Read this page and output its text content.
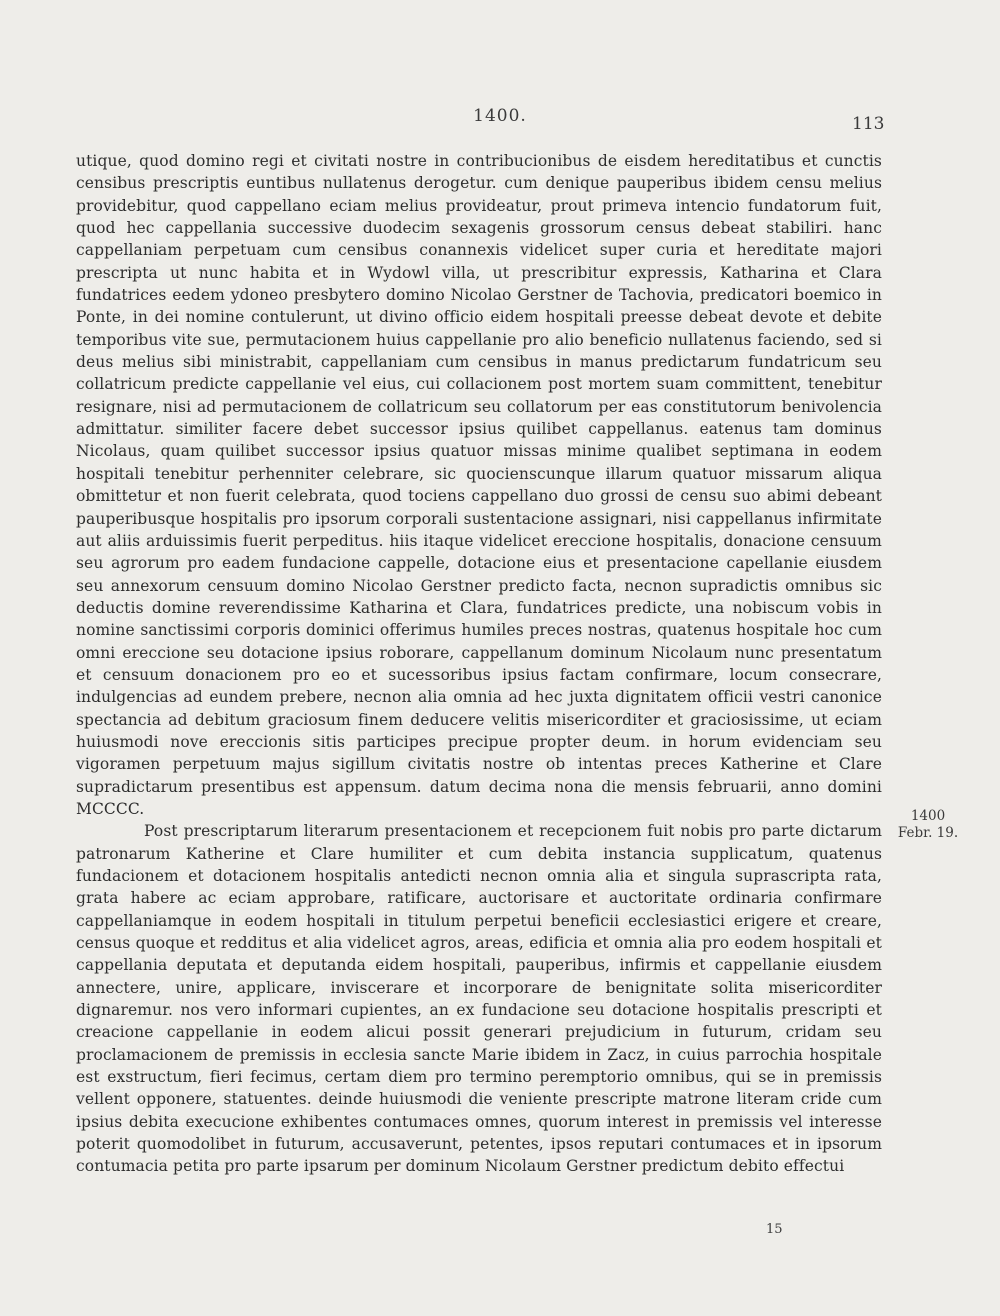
1400.	113

utique, quod domino regi et civitati nostre in contribucionibus de eisdem hereditatibus et cunctis censibus prescriptis euntibus nullatenus derogetur. cum denique pauperibus ibidem censu melius providebitur, quod cappellano eciam melius provideatur, prout primeva intencio fundatorum fuit, quod hec cappellania successive duodecim sexagenis grossorum census debeat stabiliri. hanc cappellaniam perpetuam cum censibus conannexis videlicet super curia et hereditate majori prescripta ut nunc habita et in Wydowl villa, ut prescribitur expressis, Katharina et Clara fundatrices eedem ydoneo presbytero domino Nicolao Gerstner de Tachovia, predicatori boemico in Ponte, in dei nomine contulerunt, ut divino officio eidem hospitali preesse debeat devote et debite temporibus vite sue, permutacionem huius cappellanie pro alio beneficio nullatenus faciendo, sed si deus melius sibi ministrabit, cappellaniam cum censibus in manus predictarum fundatricum seu collatricum predicte cappellanie vel eius, cui collacionem post mortem suam committent, tenebitur resignare, nisi ad permutacionem de collatricum seu collatorum per eas constitutorum benivolencia admittatur. similiter facere debet successor ipsius quilibet cappellanus. eatenus tam dominus Nicolaus, quam quilibet successor ipsius quatuor missas minime qualibet septimana in eodem hospitali tenebitur perhenniter celebrare, sic quocienscunque illarum quatuor missarum aliqua obmittetur et non fuerit celebrata, quod tociens cappellano duo grossi de censu suo abimi debeant pauperibusque hospitalis pro ipsorum corporali sustentacione assignari, nisi cappellanus infirmitate aut aliis arduissimis fuerit perpeditus. hiis itaque videlicet ereccione hospitalis, donacione censuum seu agrorum pro eadem fundacione cappelle, dotacione eius et presentacione capellanie eiusdem seu annexorum censuum domino Nicolao Gerstner predicto facta, necnon supradictis omnibus sic deductis domine reverendissime Katharina et Clara, fundatrices predicte, una nobiscum vobis in nomine sanctissimi corporis dominici offerimus humiles preces nostras, quatenus hospitale hoc cum omni ereccione seu dotacione ipsius roborare, cappellanum dominum Nicolaum nunc presentatum et censuum donacionem pro eo et sucessoribus ipsius factam confirmare, locum consecrare, indulgencias ad eundem prebere, necnon alia omnia ad hec juxta dignitatem officii vestri canonice spectancia ad debitum graciosum finem deducere velitis misericorditer et graciosissime, ut eciam huiusmodi nove ereccionis sitis participes precipue propter deum. in horum evidenciam seu vigoramen perpetuum majus sigillum civitatis nostre ob intentas preces Katherine et Clare supradictarum presentibus est appensum. datum decima nona die mensis februarii, anno domini MCCCC.

Post prescriptarum literarum presentacionem et recepcionem fuit nobis pro parte dictarum patronarum Katherine et Clare humiliter et cum debita instancia supplicatum, quatenus fundacionem et dotacionem hospitalis antedicti necnon omnia alia et singula suprascripta rata, grata habere ac eciam approbare, ratificare, auctorisare et auctoritate ordinaria confirmare cappellaniamque in eodem hospitali in titulum perpetui beneficii ecclesiastici erigere et creare, census quoque et redditus et alia videlicet agros, areas, edificia et omnia alia pro eodem hospitali et cappellania deputata et deputanda eidem hospitali, pauperibus, infirmis et cappellanie eiusdem annectere, unire, applicare, inviscerare et incorporare de benignitate solita misericorditer dignaremur. nos vero informari cupientes, an ex fundacione seu dotacione hospitalis prescripti et creacione cappellanie in eodem alicui possit generari prejudicium in futurum, cridam seu proclamacionem de premissis in ecclesia sancte Marie ibidem in Zacz, in cuius parrochia hospitale est exstructum, fieri fecimus, certam diem pro termino peremptorio omnibus, qui se in premissis vellent opponere, statuentes. deinde huiusmodi die veniente prescripte matrone literam cride cum ipsius debita execucione exhibentes contumaces omnes, quorum interest in premissis vel interesse poterit quomodolibet in futurum, accusaverunt, petentes, ipsos reputari contumaces et in ipsorum contumacia petita pro parte ipsarum per dominum Nicolaum Gerstner predictum debito effectui

1400
Febr. 19.
15
